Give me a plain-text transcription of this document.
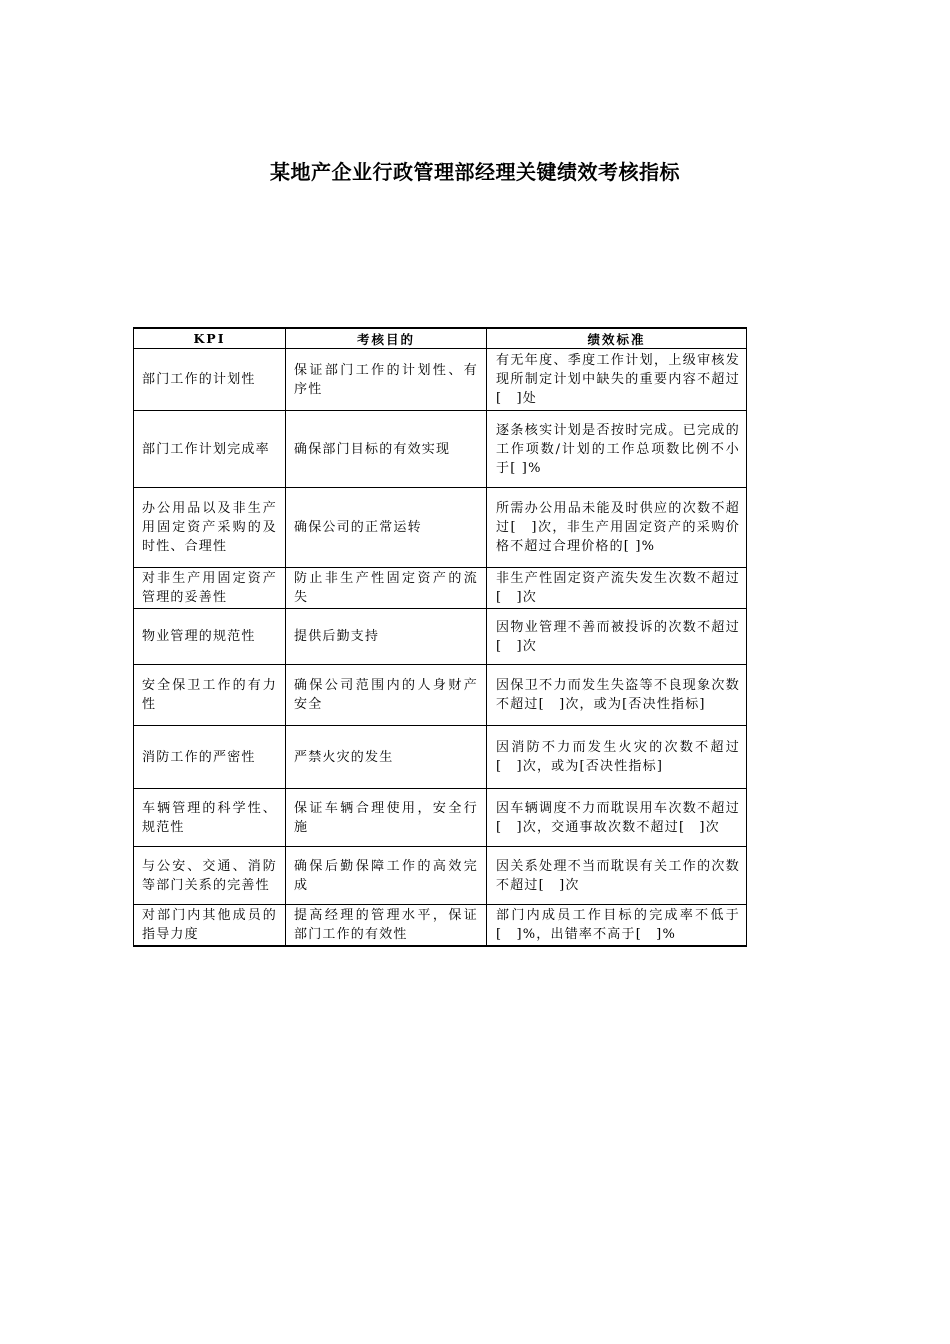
某地产企业行政管理部经理关键绩效考核指标
KPI	考核目的	绩效标准
部门工作的计划性	保证部门工作的计划性、有序性	有无年度、季度工作计划，上级审核发现所制定计划中缺失的重要内容不超过[　]处
部门工作计划完成率	确保部门目标的有效实现	逐条核实计划是否按时完成。已完成的工作项数/计划的工作总项数比例不小于[ ]%
办公用品以及非生产用固定资产采购的及时性、合理性	确保公司的正常运转	所需办公用品未能及时供应的次数不超过[　]次，非生产用固定资产的采购价格不超过合理价格的[ ]%
对非生产用固定资产管理的妥善性	防止非生产性固定资产的流失	非生产性固定资产流失发生次数不超过[　]次
物业管理的规范性	提供后勤支持	因物业管理不善而被投诉的次数不超过[　]次
安全保卫工作的有力性	确保公司范围内的人身财产安全	因保卫不力而发生失盗等不良现象次数不超过[　]次，或为[否决性指标]
消防工作的严密性	严禁火灾的发生	因消防不力而发生火灾的次数不超过[　]次，或为[否决性指标]
车辆管理的科学性、规范性	保证车辆合理使用，安全行施	因车辆调度不力而耽误用车次数不超过[　]次，交通事故次数不超过[　]次
与公安、交通、消防等部门关系的完善性	确保后勤保障工作的高效完成	因关系处理不当而耽误有关工作的次数不超过[　]次
对部门内其他成员的指导力度	提高经理的管理水平，保证部门工作的有效性	部门内成员工作目标的完成率不低于[　]%，出错率不高于[　]%
